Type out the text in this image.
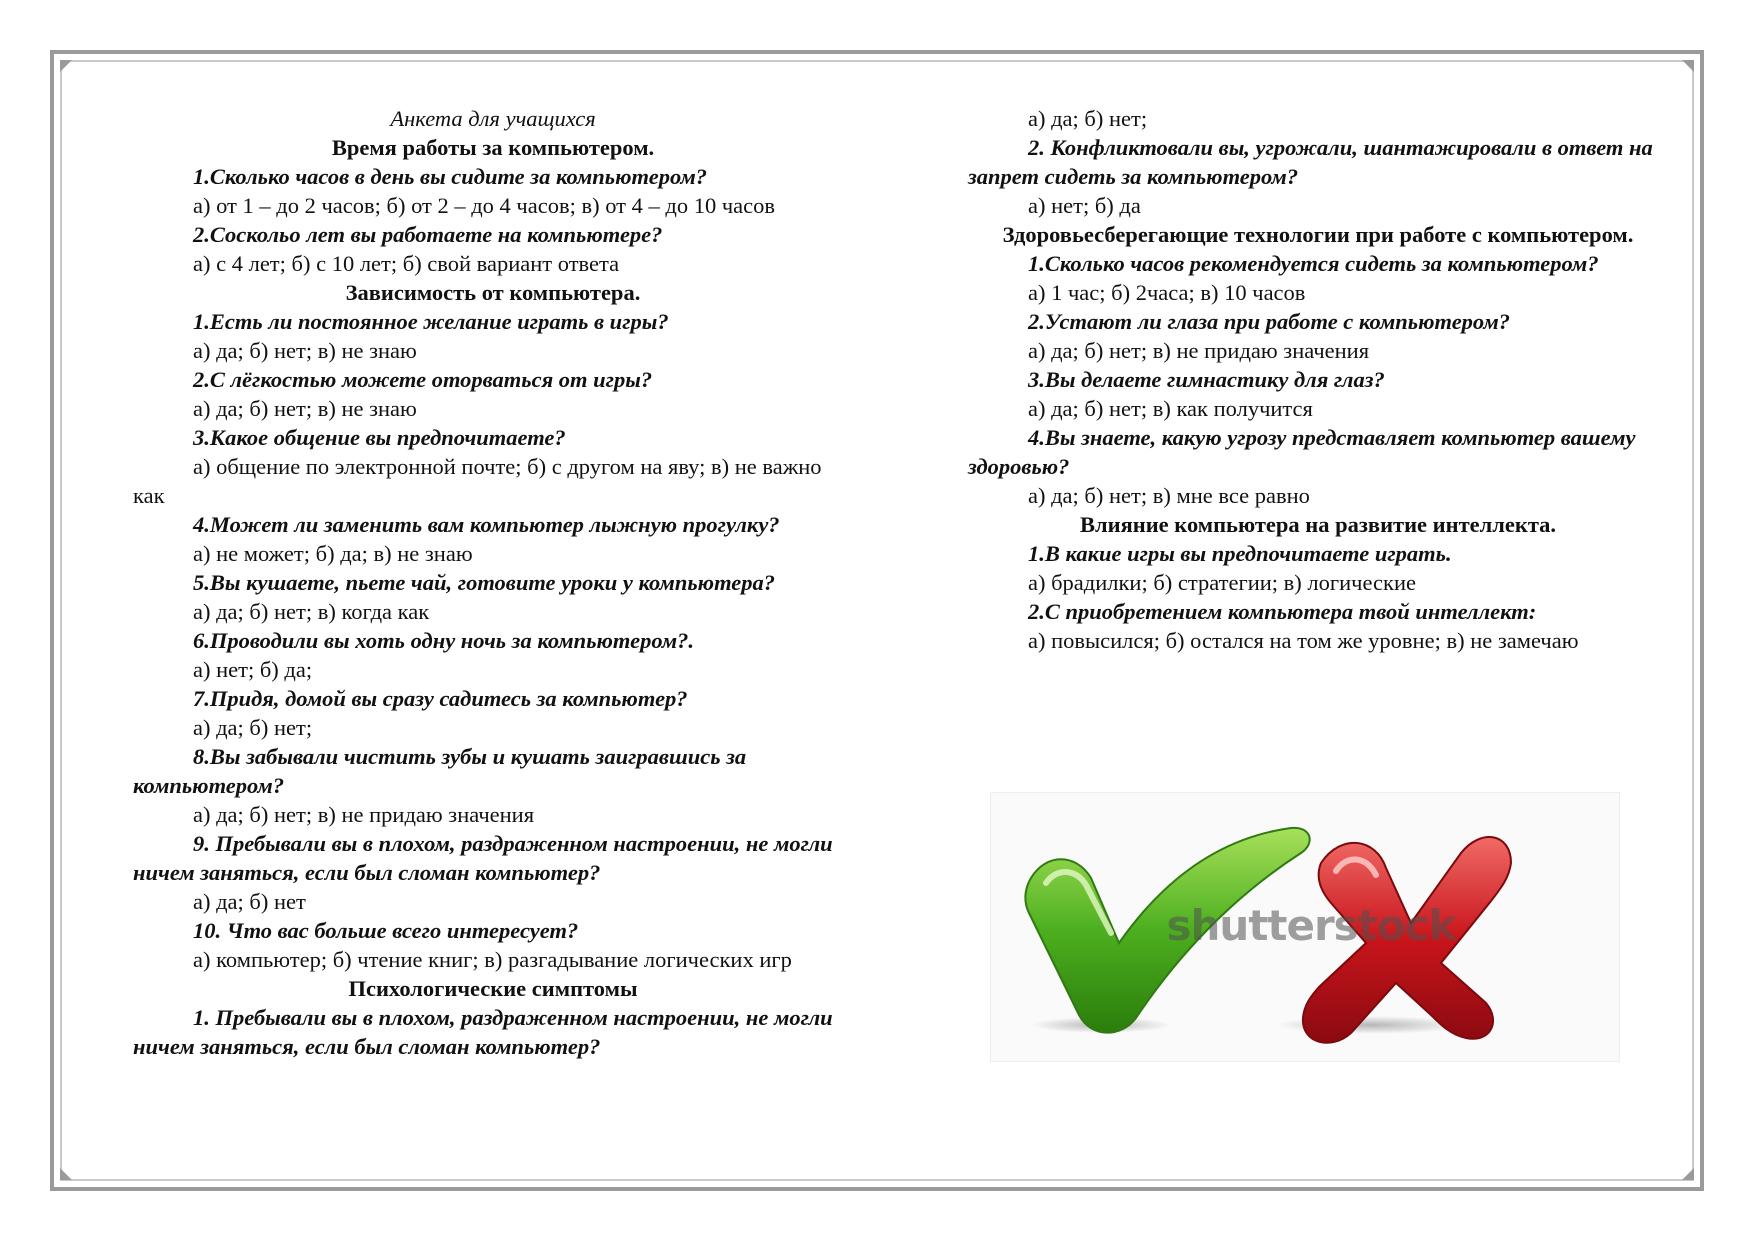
Анкета для учащихся

Время работы за компьютером.

1.Сколько часов в день вы сидите за компьютером?

а) от 1 – до 2 часов; б) от 2 – до 4 часов; в) от 4 – до 10 часов

2.Соскольо лет вы работаете на компьютере?

а) с 4 лет; б) с 10 лет; б) свой вариант ответа

Зависимость от компьютера.

1.Есть ли постоянное желание играть в игры?

а) да; б) нет; в) не знаю

2.С лёгкостью можете оторваться от игры?

а) да; б) нет; в) не знаю

3.Какое общение вы предпочитаете?

а) общение по электронной почте; б) с другом на яву; в) не важно как

4.Может ли заменить вам компьютер лыжную прогулку?

а) не может; б) да; в) не знаю

5.Вы кушаете, пьете чай, готовите уроки у компьютера?

а) да; б) нет; в) когда как

6.Проводили вы хоть одну ночь за компьютером?.

а) нет; б) да;

7.Придя, домой вы сразу садитесь за компьютер?

а) да; б) нет;

8.Вы забывали чистить зубы и кушать заигравшись за компьютером?

а) да; б) нет; в) не придаю значения

9. Пребывали вы в плохом, раздраженном настроении, не могли ничем заняться, если был сломан компьютер?

а) да; б) нет

10. Что вас больше всего интересует?

а) компьютер; б) чтение книг; в) разгадывание логических игр

Психологические симптомы

1. Пребывали вы в плохом, раздраженном настроении, не могли ничем заняться, если был сломан компьютер?

а) да; б) нет;

2. Конфликтовали вы, угрожали, шантажировали в ответ на запрет сидеть за компьютером?

а) нет; б) да

Здоровьесберегающие технологии при работе с компьютером.

1.Сколько часов рекомендуется сидеть за компьютером?

а) 1 час; б) 2часа; в) 10 часов

2.Устают ли глаза при работе с компьютером?

а) да; б) нет; в) не придаю значения

3.Вы делаете гимнастику для глаз?

а) да; б) нет; в) как получится

4.Вы знаете, какую угрозу представляет компьютер вашему здоровью?

а) да; б) нет; в) мне все равно

Влияние компьютера на развитие интеллекта.

1.В какие игры вы предпочитаете играть.

а) брадилки; б) стратегии; в) логические

2.С приобретением компьютера твой интеллект:

а) повысился; б) остался на том же уровне; в) не замечаю

shutterstock
